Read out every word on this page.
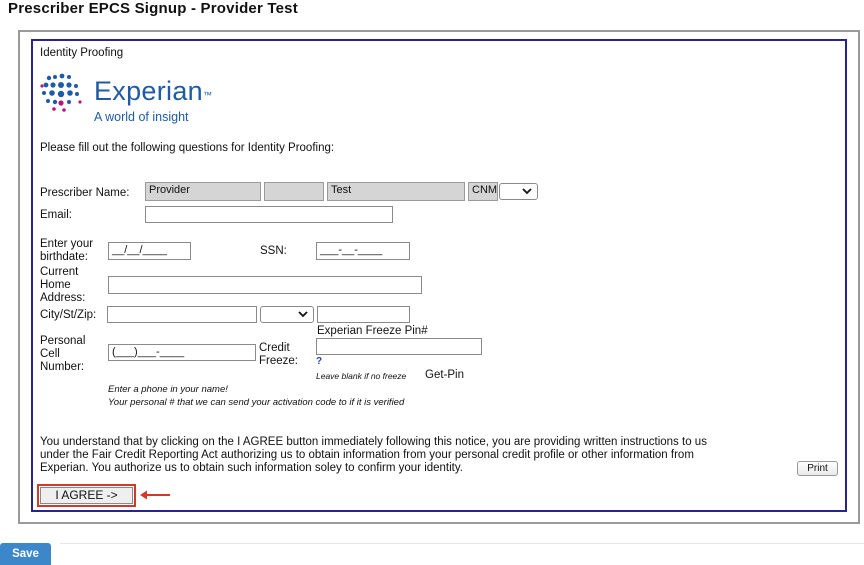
Prescriber EPCS Signup - Provider Test
Identity Proofing
Experian™
A world of insight
Please fill out the following questions for Identity Proofing:
Prescriber Name:	Provider	Test	CNM
Email:
Enter your
birthdate:
__/__/____	SSN:	___-__-____
Current
Home
Address:
City/St/Zip:
Experian Freeze Pin#
Personal
Cell
Number:
(___)___-____	Credit
Freeze: ?
Leave blank if no freeze Get-Pin
Enter a phone in your name!
Your personal # that we can send your activation code to if it is verified
You understand that by clicking on the I AGREE button immediately following this notice, you are providing written instructions to us
under the Fair Credit Reporting Act authorizing us to obtain information from your personal credit profile or other information from
Experian. You authorize us to obtain such information soley to confirm your identity.	Print
I AGREE ->
Save
